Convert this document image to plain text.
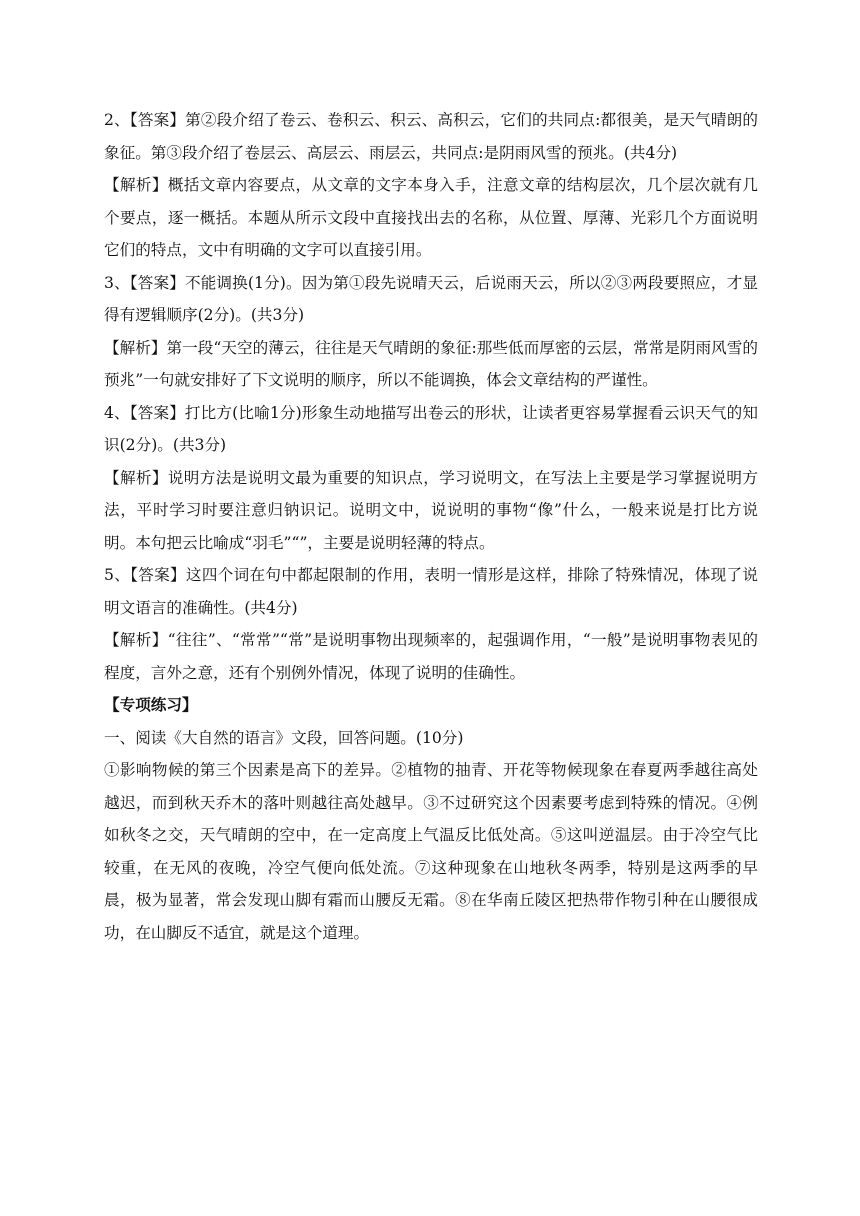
2、【答案】第②段介绍了卷云、卷积云、积云、高积云，它们的共同点:都很美，是天气晴朗的象征。第③段介绍了卷层云、高层云、雨层云，共同点:是阴雨风雪的预兆。(共4分)

【解析】概括文章内容要点，从文章的文字本身入手，注意文章的结构层次，几个层次就有几个要点，逐一概括。本题从所示文段中直接找出去的名称，从位置、厚薄、光彩几个方面说明它们的特点，文中有明确的文字可以直接引用。

3、【答案】不能调换(1分)。因为第①段先说晴天云，后说雨天云，所以②③两段要照应，才显得有逻辑顺序(2分)。(共3分)

【解析】第一段“天空的薄云，往往是天气晴朗的象征:那些低而厚密的云层，常常是阴雨风雪的预兆”一句就安排好了下文说明的顺序，所以不能调换，体会文章结构的严谨性。

4、【答案】打比方(比喻1分)形象生动地描写出卷云的形状，让读者更容易掌握看云识天气的知识(2分)。(共3分)

【解析】说明方法是说明文最为重要的知识点，学习说明文，在写法上主要是学习掌握说明方法，平时学习时要注意归钠识记。说明文中，说说明的事物“像”什么，一般来说是打比方说明。本句把云比喻成“羽毛”“”，主要是说明轻薄的特点。

5、【答案】这四个词在句中都起限制的作用，表明一情形是这样，排除了特殊情况，体现了说明文语言的准确性。(共4分)

【解析】“往往”、“常常”“常”是说明事物出现频率的，起强调作用，“一般”是说明事物表见的程度，言外之意，还有个别例外情况，体现了说明的佳确性。

【专项练习】

一、阅读《大自然的语言》文段，回答问题。(10分)

①影响物候的第三个因素是高下的差异。②植物的抽青、开花等物候现象在春夏两季越往高处越迟，而到秋天乔木的落叶则越往高处越早。③不过研究这个因素要考虑到特殊的情况。④例如秋冬之交，天气晴朗的空中，在一定高度上气温反比低处高。⑤这叫逆温层。由于冷空气比较重，在无风的夜晚，冷空气便向低处流。⑦这种现象在山地秋冬两季，特别是这两季的早晨，极为显著，常会发现山脚有霜而山腰反无霜。⑧在华南丘陵区把热带作物引种在山腰很成功，在山脚反不适宜，就是这个道理。
